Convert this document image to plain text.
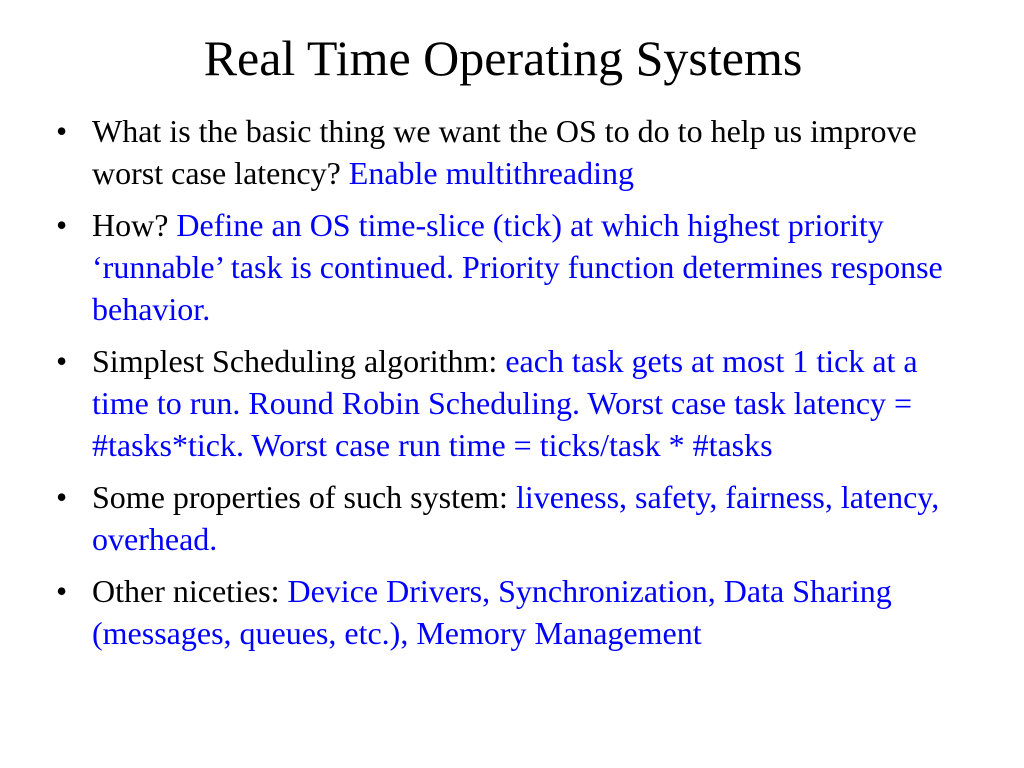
Real Time Operating Systems
• What is the basic thing we want the OS to do to help us improve worst case latency? Enable multithreading
• How? Define an OS time-slice (tick) at which highest priority ‘runnable’ task is continued. Priority function determines response behavior.
• Simplest Scheduling algorithm: each task gets at most 1 tick at a time to run. Round Robin Scheduling. Worst case task latency = #tasks*tick. Worst case run time = ticks/task * #tasks
• Some properties of such system: liveness, safety, fairness, latency, overhead.
• Other niceties: Device Drivers, Synchronization, Data Sharing (messages, queues, etc.), Memory Management
